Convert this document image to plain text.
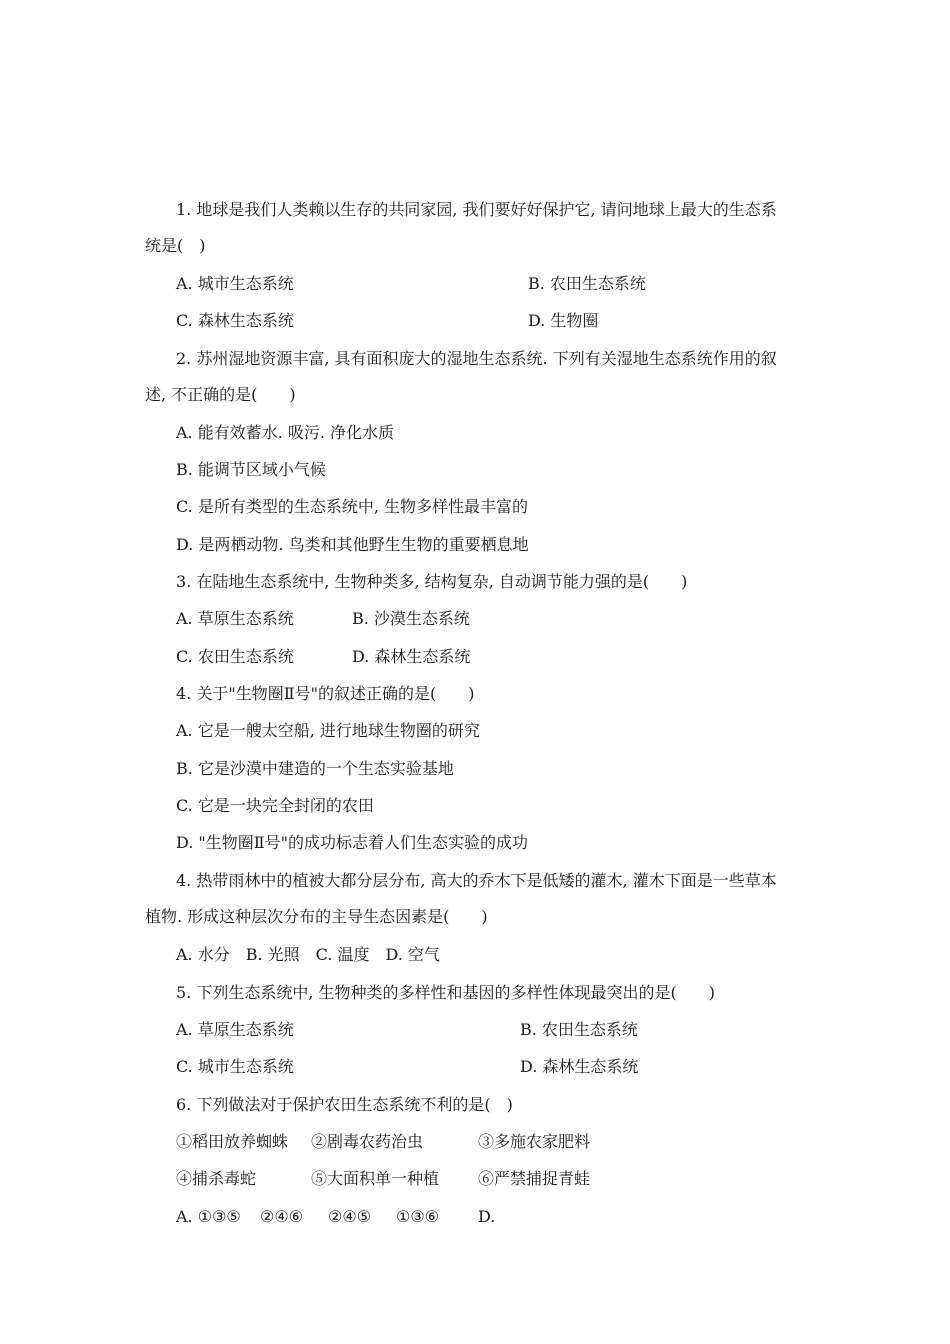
1. 地球是我们人类赖以生存的共同家园, 我们要好好保护它, 请问地球上最大的生态系
统是(　)
A. 城市生态系统	B. 农田生态系统
C. 森林生态系统	D. 生物圈
2. 苏州湿地资源丰富, 具有面积庞大的湿地生态系统. 下列有关湿地生态系统作用的叙
述, 不正确的是(　　)
A. 能有效蓄水. 吸污. 净化水质
B. 能调节区域小气候
C. 是所有类型的生态系统中, 生物多样性最丰富的
D. 是两栖动物. 鸟类和其他野生生物的重要栖息地
3. 在陆地生态系统中, 生物种类多, 结构复杂, 自动调节能力强的是(　　)
A. 草原生态系统	B. 沙漠生态系统
C. 农田生态系统	D. 森林生态系统
4. 关于"生物圈Ⅱ号"的叙述正确的是(　　)
A. 它是一艘太空船, 进行地球生物圈的研究
B. 它是沙漠中建造的一个生态实验基地
C. 它是一块完全封闭的农田
D. "生物圈Ⅱ号"的成功标志着人们生态实验的成功
4. 热带雨林中的植被大都分层分布, 高大的乔木下是低矮的灌木, 灌木下面是一些草本
植物. 形成这种层次分布的主导生态因素是(　　)
A. 水分　B. 光照　C. 温度　D. 空气
5. 下列生态系统中, 生物种类的多样性和基因的多样性体现最突出的是(　　)
A. 草原生态系统	B. 农田生态系统
C. 城市生态系统	D. 森林生态系统
6. 下列做法对于保护农田生态系统不利的是(　)
①稻田放养蜘蛛 ②剧毒农药治虫	③多施农家肥料
④捕杀毒蛇	⑤大面积单一种植 ⑥严禁捕捉青蛙
A. ①③⑤ ②④⑥ ②④⑤ ①③⑥ D.
